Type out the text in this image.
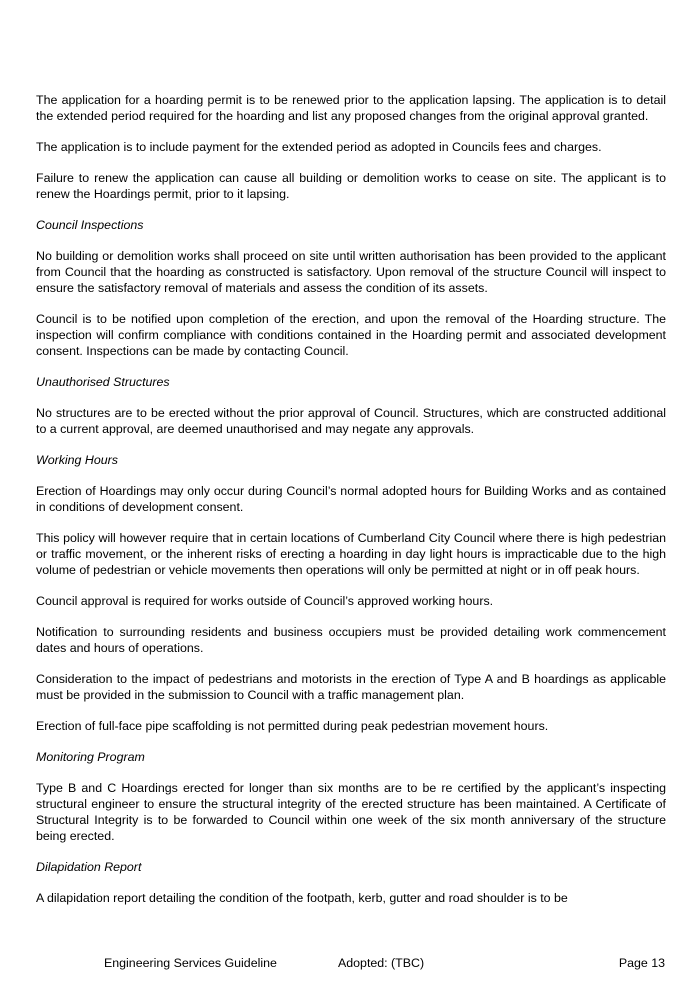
The application for a hoarding permit is to be renewed prior to the application lapsing. The application is to detail the extended period required for the hoarding and list any proposed changes from the original approval granted.

The application is to include payment for the extended period as adopted in Councils fees and charges.

Failure to renew the application can cause all building or demolition works to cease on site. The applicant is to renew the Hoardings permit, prior to it lapsing.

Council Inspections

No building or demolition works shall proceed on site until written authorisation has been provided to the applicant from Council that the hoarding as constructed is satisfactory. Upon removal of the structure Council will inspect to ensure the satisfactory removal of materials and assess the condition of its assets.

Council is to be notified upon completion of the erection, and upon the removal of the Hoarding structure. The inspection will confirm compliance with conditions contained in the Hoarding permit and associated development consent. Inspections can be made by contacting Council.

Unauthorised Structures

No structures are to be erected without the prior approval of Council. Structures, which are constructed additional to a current approval, are deemed unauthorised and may negate any approvals.

Working Hours

Erection of Hoardings may only occur during Council’s normal adopted hours for Building Works and as contained in conditions of development consent.

This policy will however require that in certain locations of Cumberland City Council where there is high pedestrian or traffic movement, or the inherent risks of erecting a hoarding in day light hours is impracticable due to the high volume of pedestrian or vehicle movements then operations will only be permitted at night or in off peak hours.

Council approval is required for works outside of Council’s approved working hours.

Notification to surrounding residents and business occupiers must be provided detailing work commencement dates and hours of operations.

Consideration to the impact of pedestrians and motorists in the erection of Type A and B hoardings as applicable must be provided in the submission to Council with a traffic management plan.

Erection of full-face pipe scaffolding is not permitted during peak pedestrian movement hours.

Monitoring Program

Type B and C Hoardings erected for longer than six months are to be re certified by the applicant’s inspecting structural engineer to ensure the structural integrity of the erected structure has been maintained. A Certificate of Structural Integrity is to be forwarded to Council within one week of the six month anniversary of the structure being erected.

Dilapidation Report

A dilapidation report detailing the condition of the footpath, kerb, gutter and road shoulder is to be

Engineering Services Guideline	Adopted: (TBC)	Page 13
